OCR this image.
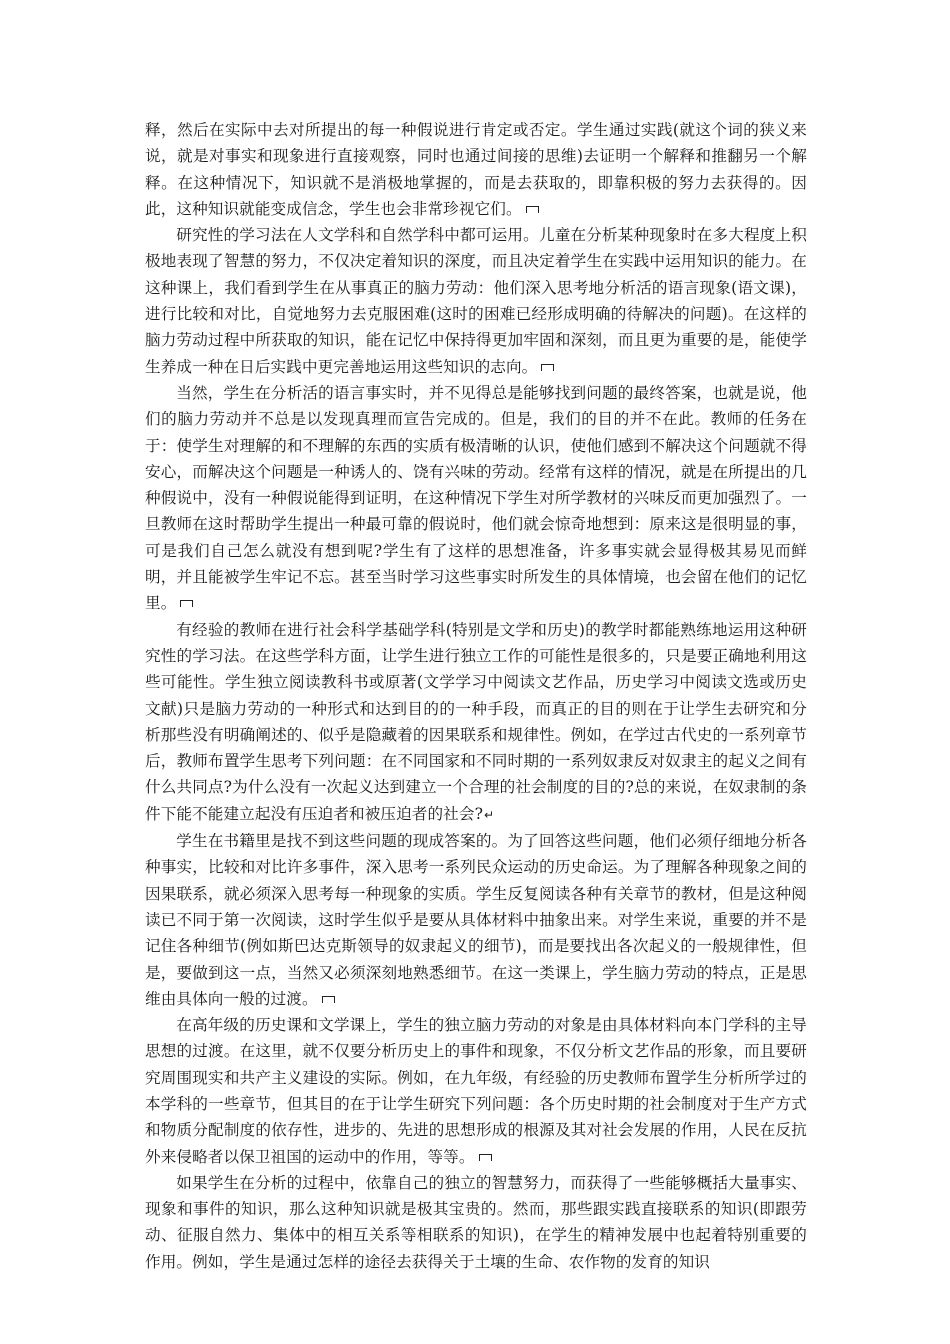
释，然后在实际中去对所提出的每一种假说进行肯定或否定。学生通过实践(就这个词的狭义来说，就是对事实和现象进行直接观察，同时也通过间接的思维)去证明一个解释和推翻另一个解释。在这种情况下，知识就不是消极地掌握的，而是去获取的，即靠积极的努力去获得的。因此，这种知识就能变成信念，学生也会非常珍视它们。

研究性的学习法在人文学科和自然学科中都可运用。儿童在分析某种现象时在多大程度上积极地表现了智慧的努力，不仅决定着知识的深度，而且决定着学生在实践中运用知识的能力。在这种课上，我们看到学生在从事真正的脑力劳动：他们深入思考地分析活的语言现象(语文课)，进行比较和对比，自觉地努力去克服困难(这时的困难已经形成明确的待解决的问题)。在这样的脑力劳动过程中所获取的知识，能在记忆中保持得更加牢固和深刻，而且更为重要的是，能使学生养成一种在日后实践中更完善地运用这些知识的志向。

当然，学生在分析活的语言事实时，并不见得总是能够找到问题的最终答案，也就是说，他们的脑力劳动并不总是以发现真理而宣告完成的。但是，我们的目的并不在此。教师的任务在于：使学生对理解的和不理解的东西的实质有极清晰的认识，使他们感到不解决这个问题就不得安心，而解决这个问题是一种诱人的、饶有兴味的劳动。经常有这样的情况，就是在所提出的几种假说中，没有一种假说能得到证明，在这种情况下学生对所学教材的兴味反而更加强烈了。一旦教师在这时帮助学生提出一种最可靠的假说时，他们就会惊奇地想到：原来这是很明显的事，可是我们自己怎么就没有想到呢?学生有了这样的思想准备，许多事实就会显得极其易见而鲜明，并且能被学生牢记不忘。甚至当时学习这些事实时所发生的具体情境，也会留在他们的记忆里。

有经验的教师在进行社会科学基础学科(特别是文学和历史)的教学时都能熟练地运用这种研究性的学习法。在这些学科方面，让学生进行独立工作的可能性是很多的，只是要正确地利用这些可能性。学生独立阅读教科书或原著(文学学习中阅读文艺作品，历史学习中阅读文选或历史文献)只是脑力劳动的一种形式和达到目的的一种手段，而真正的目的则在于让学生去研究和分析那些没有明确阐述的、似乎是隐藏着的因果联系和规律性。例如，在学过古代史的一系列章节后，教师布置学生思考下列问题：在不同国家和不同时期的一系列奴隶反对奴隶主的起义之间有什么共同点?为什么没有一次起义达到建立一个合理的社会制度的目的?总的来说，在奴隶制的条件下能不能建立起没有压迫者和被压迫者的社会?↵

学生在书籍里是找不到这些问题的现成答案的。为了回答这些问题，他们必须仔细地分析各种事实，比较和对比许多事件，深入思考一系列民众运动的历史命运。为了理解各种现象之间的因果联系，就必须深入思考每一种现象的实质。学生反复阅读各种有关章节的教材，但是这种阅读已不同于第一次阅读，这时学生似乎是要从具体材料中抽象出来。对学生来说，重要的并不是记住各种细节(例如斯巴达克斯领导的奴隶起义的细节)，而是要找出各次起义的一般规律性，但是，要做到这一点，当然又必须深刻地熟悉细节。在这一类课上，学生脑力劳动的特点，正是思维由具体向一般的过渡。

在高年级的历史课和文学课上，学生的独立脑力劳动的对象是由具体材料向本门学科的主导思想的过渡。在这里，就不仅要分析历史上的事件和现象，不仅分析文艺作品的形象，而且要研究周围现实和共产主义建设的实际。例如，在九年级，有经验的历史教师布置学生分析所学过的本学科的一些章节，但其目的在于让学生研究下列问题：各个历史时期的社会制度对于生产方式和物质分配制度的依存性，进步的、先进的思想形成的根源及其对社会发展的作用，人民在反抗外来侵略者以保卫祖国的运动中的作用，等等。

如果学生在分析的过程中，依靠自己的独立的智慧努力，而获得了一些能够概括大量事实、现象和事件的知识，那么这种知识就是极其宝贵的。然而，那些跟实践直接联系的知识(即跟劳动、征服自然力、集体中的相互关系等相联系的知识)，在学生的精神发展中也起着特别重要的作用。例如，学生是通过怎样的途径去获得关于土壤的生命、农作物的发育的知识
